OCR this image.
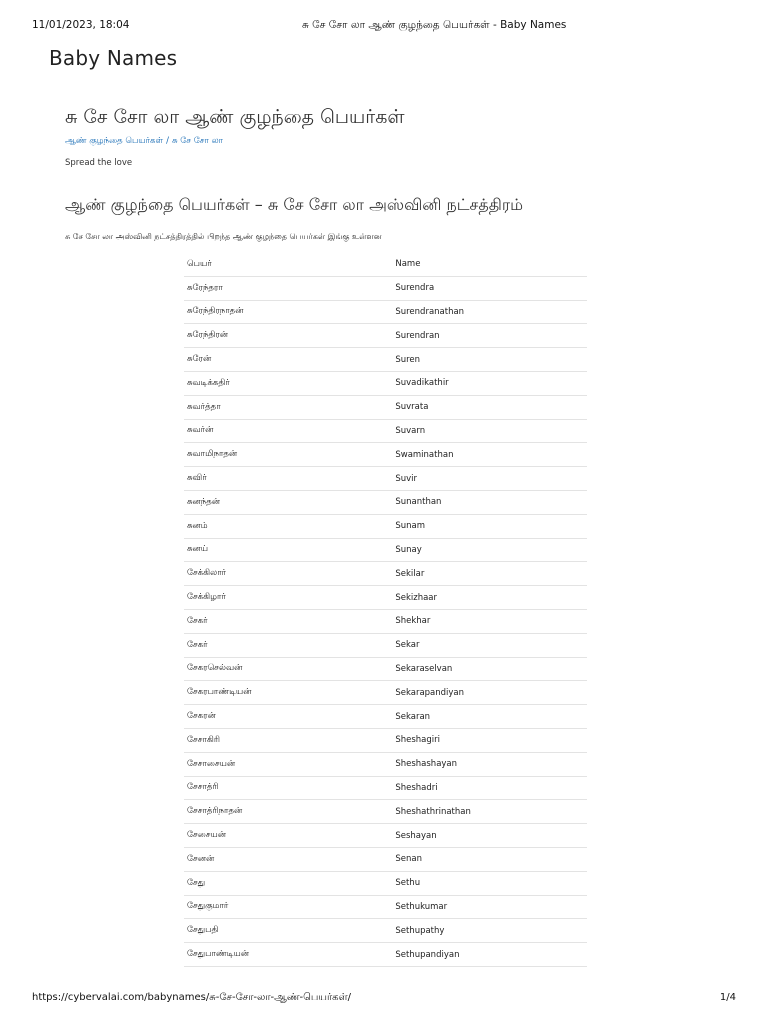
11/01/2023, 18:04	சு சே சோ லா ஆண் குழந்தை பெயர்கள் - Baby Names
Baby Names
சு சே சோ லா ஆண் குழந்தை பெயர்கள்
ஆண் குழந்தை பெயர்கள் / சு சே சோ லா
Spread the love
ஆண் குழந்தை பெயர்கள் – சு சே சோ லா அஸ்வினி நட்சத்திரம்

சு சே சோ லா அஸ்வினி நட்சத்திரத்தில் பிறந்த ஆண் குழந்தை பெயர்கள் இங்கு உள்ளன

பெயர்	Name
சுரேந்தரா	Surendra
சுரேந்திரநாதன்	Surendranathan
சுரேந்திரன்	Surendran
சுரேன்	Suren
சுவடிக்கதிர்	Suvadikathir
சுவர்த்தா	Suvrata
சுவர்ன்	Suvarn
சுவாமிநாதன்	Swaminathan
சுவிர்	Suvir
சுனந்தன்	Sunanthan
சுனம்	Sunam
சுனய்	Sunay
சேக்கிலார்	Sekilar
சேக்கிழார்	Sekizhaar
சேகர்	Shekhar
சேகர்	Sekar
சேகரசெல்வன்	Sekaraselvan
சேகரபாண்டியன்	Sekarapandiyan
சேகரன்	Sekaran
சேசாகிரி	Sheshagiri
சேசாசையன்	Sheshashayan
சேசாத்ரி	Sheshadri
சேசாத்ரிநாதன்	Sheshathrinathan
சேசையன்	Seshayan
சேனன்	Senan
சேது	Sethu
சேதுகுமார்	Sethukumar
சேதுபதி	Sethupathy
சேதுபாண்டியன்	Sethupandiyan
https://cybervalai.com/babynames/சு-சே-சோ-லா-ஆண்-பெயர்கள்/	1/4
